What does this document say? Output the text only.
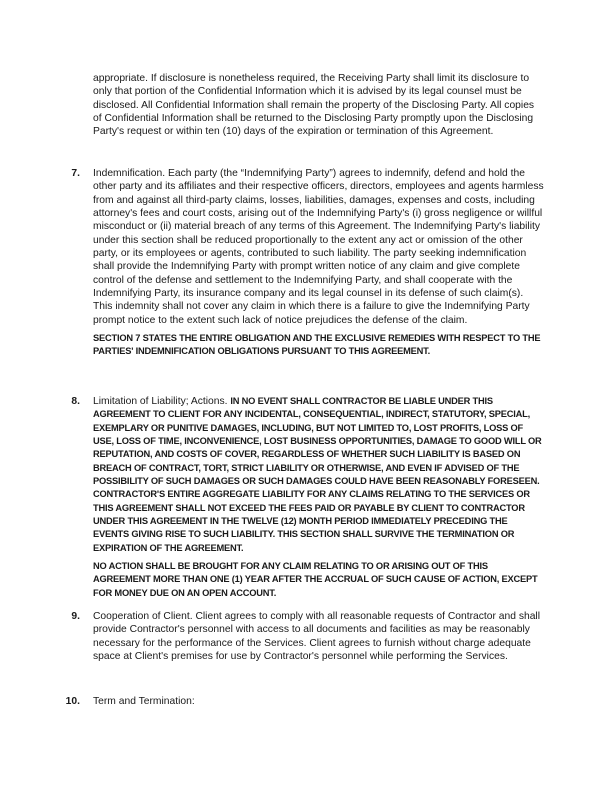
appropriate. If disclosure is nonetheless required, the Receiving Party shall limit its disclosure to only that portion of the Confidential Information which it is advised by its legal counsel must be disclosed. All Confidential Information shall remain the property of the Disclosing Party. All copies of Confidential Information shall be returned to the Disclosing Party promptly upon the Disclosing Party's request or within ten (10) days of the expiration or termination of this Agreement.

7. Indemnification. Each party (the “Indemnifying Party”) agrees to indemnify, defend and hold the other party and its affiliates and their respective officers, directors, employees and agents harmless from and against all third-party claims, losses, liabilities, damages, expenses and costs, including attorney's fees and court costs, arising out of the Indemnifying Party's (i) gross negligence or willful misconduct or (ii) material breach of any terms of this Agreement. The Indemnifying Party's liability under this section shall be reduced proportionally to the extent any act or omission of the other party, or its employees or agents, contributed to such liability. The party seeking indemnification shall provide the Indemnifying Party with prompt written notice of any claim and give complete control of the defense and settlement to the Indemnifying Party, and shall cooperate with the Indemnifying Party, its insurance company and its legal counsel in its defense of such claim(s). This indemnity shall not cover any claim in which there is a failure to give the Indemnifying Party prompt notice to the extent such lack of notice prejudices the defense of the claim.

SECTION 7 STATES THE ENTIRE OBLIGATION AND THE EXCLUSIVE REMEDIES WITH RESPECT TO THE PARTIES' INDEMNIFICATION OBLIGATIONS PURSUANT TO THIS AGREEMENT.

8. Limitation of Liability; Actions. IN NO EVENT SHALL CONTRACTOR BE LIABLE UNDER THIS AGREEMENT TO CLIENT FOR ANY INCIDENTAL, CONSEQUENTIAL, INDIRECT, STATUTORY, SPECIAL, EXEMPLARY OR PUNITIVE DAMAGES, INCLUDING, BUT NOT LIMITED TO, LOST PROFITS, LOSS OF USE, LOSS OF TIME, INCONVENIENCE, LOST BUSINESS OPPORTUNITIES, DAMAGE TO GOOD WILL OR REPUTATION, AND COSTS OF COVER, REGARDLESS OF WHETHER SUCH LIABILITY IS BASED ON BREACH OF CONTRACT, TORT, STRICT LIABILITY OR OTHERWISE, AND EVEN IF ADVISED OF THE POSSIBILITY OF SUCH DAMAGES OR SUCH DAMAGES COULD HAVE BEEN REASONABLY FORESEEN. CONTRACTOR'S ENTIRE AGGREGATE LIABILITY FOR ANY CLAIMS RELATING TO THE SERVICES OR THIS AGREEMENT SHALL NOT EXCEED THE FEES PAID OR PAYABLE BY CLIENT TO CONTRACTOR UNDER THIS AGREEMENT IN THE TWELVE (12) MONTH PERIOD IMMEDIATELY PRECEDING THE EVENTS GIVING RISE TO SUCH LIABILITY. THIS SECTION SHALL SURVIVE THE TERMINATION OR EXPIRATION OF THE AGREEMENT.

NO ACTION SHALL BE BROUGHT FOR ANY CLAIM RELATING TO OR ARISING OUT OF THIS AGREEMENT MORE THAN ONE (1) YEAR AFTER THE ACCRUAL OF SUCH CAUSE OF ACTION, EXCEPT FOR MONEY DUE ON AN OPEN ACCOUNT.

9. Cooperation of Client. Client agrees to comply with all reasonable requests of Contractor and shall provide Contractor's personnel with access to all documents and facilities as may be reasonably necessary for the performance of the Services. Client agrees to furnish without charge adequate space at Client's premises for use by Contractor's personnel while performing the Services.

10. Term and Termination:
